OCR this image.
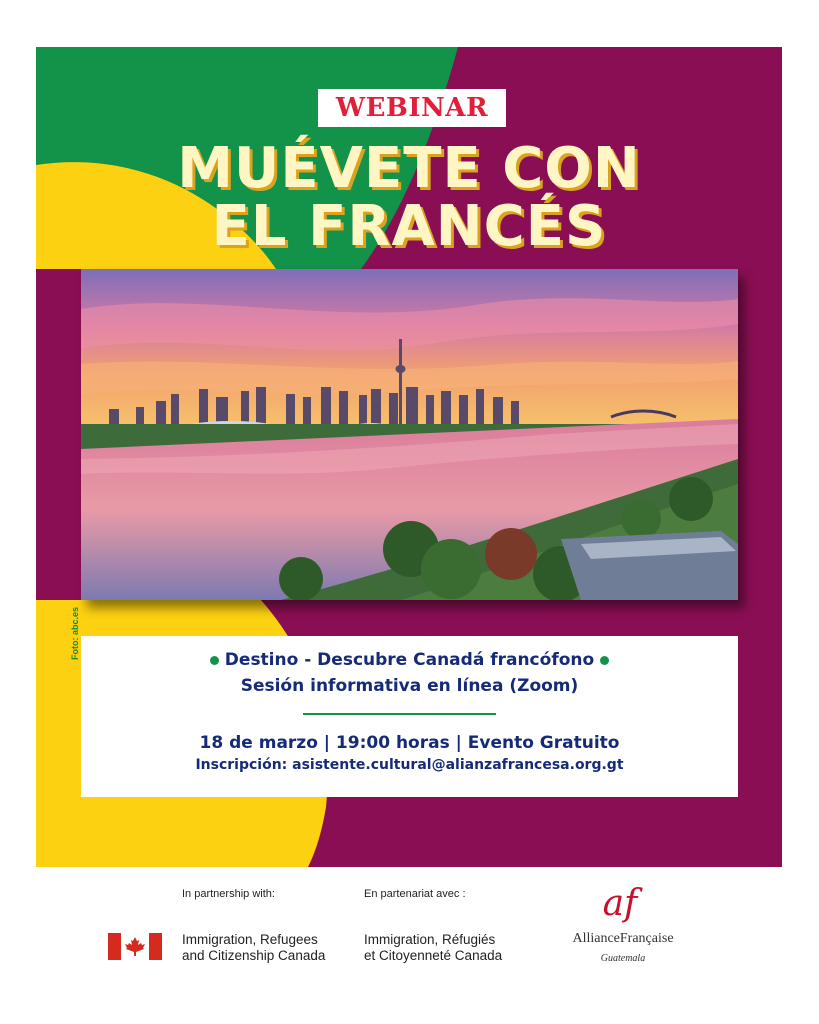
WEBINAR
MUÉVETE CON
EL FRANCÉS
Foto: abc.es	Destino - Descubre Canadá francófono
Sesión informativa en línea (Zoom)
18 de marzo | 19:00 horas | Evento Gratuito
Inscripción: asistente.cultural@alianzafrancesa.org.gt
In partnership with:	En partenariat avec :
Immigration, Refugees
and Citizenship Canada
Immigration, Réfugiés
et Citoyenneté Canada
af
AllianceFrançaise
Guatemala
